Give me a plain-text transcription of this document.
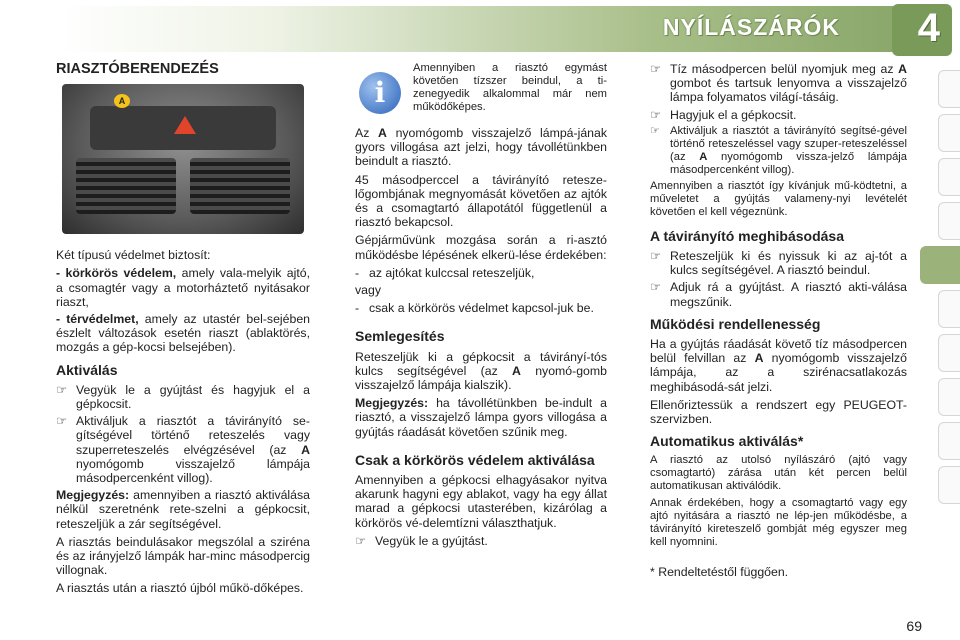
NYÍLÁSZÁRÓK 4
RIASZTÓBERENDEZÉS
A

Két típusú védelmet biztosít:

- körkörös védelem, amely vala-melyik ajtó, a csomagtér vagy a motorháztető nyitásakor riaszt,
- térvédelmet, amely az utastér bel-sejében észlelt változások esetén riaszt (ablaktörés, mozgás a gép-kocsi belsejében).
Aktiválás
☞ Vegyük le a gyújtást és hagyjuk el a gépkocsit.
☞ Aktiváljuk a riasztót a távirányító se-gítségével történő reteszelés vagy szuperreteszelés elvégzésével (az A nyomógomb visszajelző lámpája másodpercenként villog).

Megjegyzés: amennyiben a riasztó aktiválása nélkül szeretnénk rete-szelni a gépkocsit, reteszeljük a zár segítségével.

A riasztás beindulásakor megszólal a sziréna és az irányjelző lámpák har-minc másodpercig villognak.

A riasztás után a riasztó újból műkö-dőképes.

i
Amennyiben a riasztó egymást követően tízszer beindul, a ti-zenegyedik alkalommal már nem működőképes.

Az A nyomógomb visszajelző lámpá-jának gyors villogása azt jelzi, hogy távollétünkben beindult a riasztó.

45 másodperccel a távirányító retesze-lőgombjának megnyomását követően az ajtók és a csomagtartó állapotától függetlenül a riasztó bekapcsol.

Gépjárművünk mozgása során a ri-asztó működésbe lépésének elkerü-lése érdekében:

- az ajtókat kulccsal reteszeljük,

vagy

- csak a körkörös védelmet kapcsol-juk be.
Semlegesítés

Reteszeljük ki a gépkocsit a távirányí-tós kulcs segítségével (az A nyomó-gomb visszajelző lámpája kialszik).

Megjegyzés: ha távollétünkben be-indult a riasztó, a visszajelző lámpa gyors villogása a gyújtás ráadását követően szűnik meg.

Csak a körkörös védelem aktiválása

Amennyiben a gépkocsi elhagyásakor nyitva akarunk hagyni egy ablakot, vagy ha egy állat marad a gépkocsi utasterében, kizárólag a körkörös vé-delemtízni választhatjuk.

☞ Vegyük le a gyújtást.
☞ Tíz másodpercen belül nyomjuk meg az A gombot és tartsuk lenyomva a visszajelző lámpa folyamatos világí-tásáig.
☞ Hagyjuk el a gépkocsit.
☞ Aktiváljuk a riasztót a távirányító segítsé-gével történő reteszeléssel vagy szuper-reteszeléssel (az A nyomógomb vissza-jelző lámpája másodpercenként villog).

Amennyiben a riasztót így kívánjuk mű-ködtetni, a műveletet a gyújtás valameny-nyi levételét követően el kell végeznünk.

A távirányító meghibásodása
☞ Reteszeljük ki és nyissuk ki az aj-tót a kulcs segítségével. A riasztó beindul.
☞ Adjuk rá a gyújtást. A riasztó akti-válása megszűnik.
Működési rendellenesség

Ha a gyújtás ráadását követő tíz másodpercen belül felvillan az A nyomógomb visszajelző lámpája, az a szirénacsatlakozás meghibásodá-sát jelzi.

Ellenőriztessük a rendszert egy PEUGEOT-szervizben.

Automatikus aktiválás*

A riasztó az utolsó nyílászáró (ajtó vagy csomagtartó) zárása után két percen belül automatikusan aktiválódik.

Annak érdekében, hogy a csomagtartó vagy egy ajtó nyitására a riasztó ne lép-jen működésbe, a távirányító kireteszelő gombját még egyszer meg kell nyomnini.

* Rendeltetéstől függően.

69
